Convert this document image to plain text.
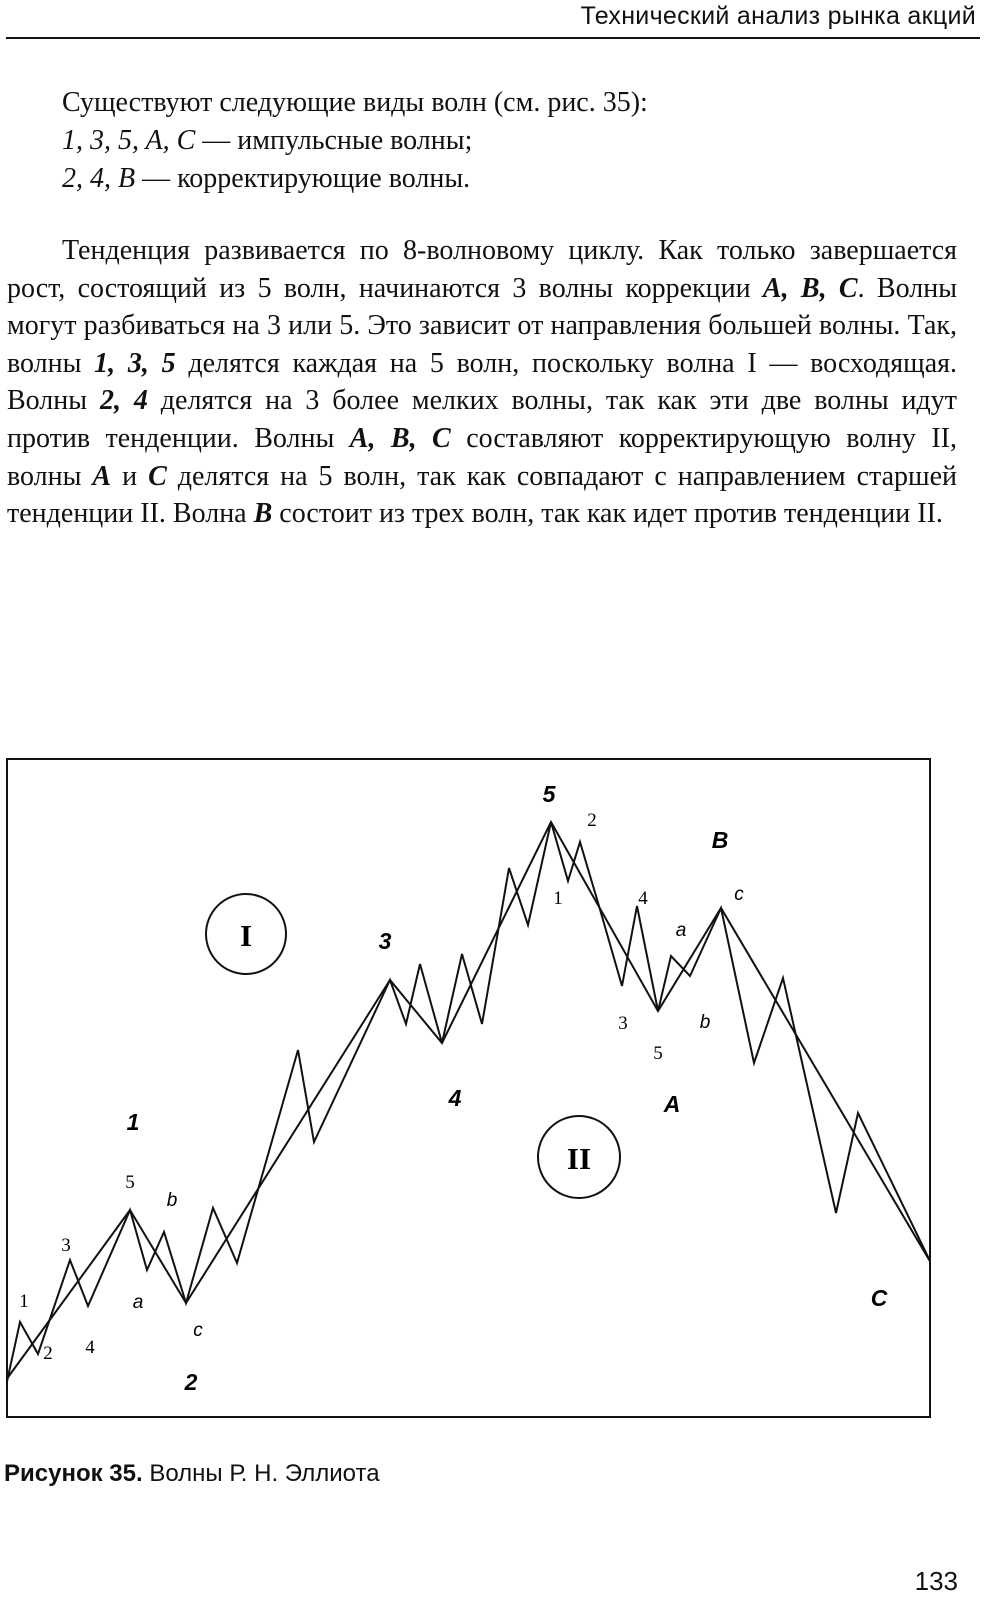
Технический анализ рынка акций
Существуют следующие виды волн (см. рис. 35):
1, 3, 5, A, C — импульсные волны;
2, 4, B — корректирующие волны.

Тенденция развивается по 8-волновому циклу. Как только завершается рост, состоящий из 5 волн, начинаются 3 волны коррекции A, B, C. Волны могут разбиваться на 3 или 5. Это зависит от направления большей волны. Так, волны 1, 3, 5 делятся каждая на 5 волн, поскольку волна I — восходящая. Волны 2, 4 делятся на 3 более мелких волны, так как эти две волны идут против тенденции. Волны A, B, C составляют корректирующую волну II, волны A и C делятся на 5 волн, так как совпадают с направлением старшей тенденции II. Волна B состоит из трех волн, так как идет против тенденции II.

I
II
1
2
3
4
5
A
B
C
1
2
3
4
5
1
2
3
4
5
a
b
c
a
b
c
Рисунок 35. Волны Р. Н. Эллиота
133
